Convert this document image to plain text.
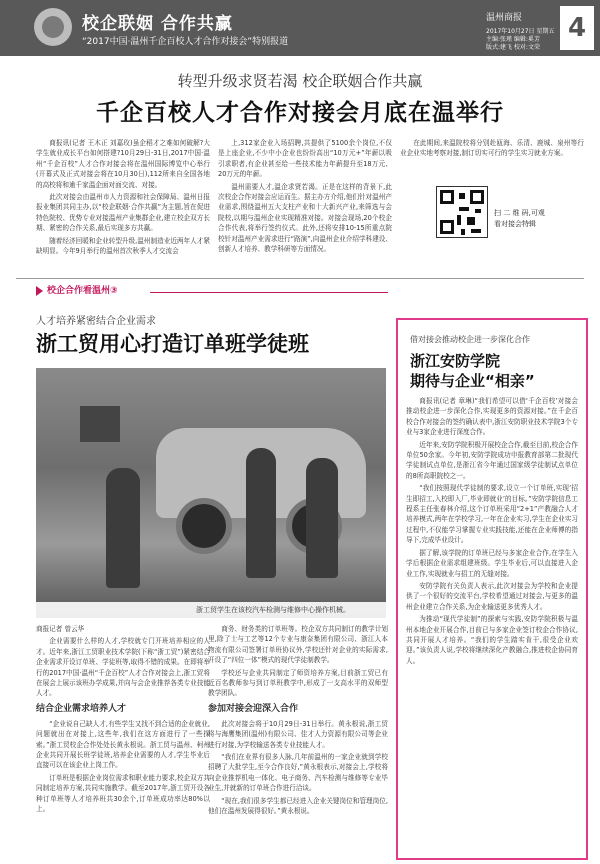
校企联姻 合作共赢
“2017中国·温州千企百校人才合作对接会”特别报道
温州商报
2017年10月27日 星期五
主编:张瑾 编辑:奚芳
版式:建飞 校对:文荣
4
转型升级求贤若渴 校企联姻合作共赢
千企百校人才合作对接会月底在温举行

商报讯(记者 王木正 刘嘉玫)虽企稻才之难如何破解?大学生就业成长平台如何搭建?10月29日-31日,2017中国·温州“千企百校”人才合作对接会将在温州国际博览中心举行(开幕式及正式对接会将在10月30日),112所来自全国各地的高校将和逾千家温企面对面交流、对接。

此次对接会由温州市人力资源和社会保障局、温州日报报业集团共同主办,以“校企联姻·合作共赢”为主题,旨在促进特色院校、优势专业对接温州产业集群企业,建立校企双方长期、紧密的合作关系,最后实现多方共赢。

随着经济回暖和企业转型升级,温州制造业近两年人才紧缺明显。今年9月举行的温州首次秋季人才交流会

上,312家企业入场招聘,共提供了5100余个岗位,不仅是上座企业,不少中小企业也纷纷高出“10万元+”年薪以吸引求职者,有企业甚至给一些技术能力年薪提升至18万元、20万元的年薪。

温州需要人才,温企求贤若渴。正是在这样的背景下,此次校企合作对接会应运而生。据主办方介绍,他们针对温州产业需求,围绕温州五大支柱产业和十大新兴产业,来筛选与会院校,以期与温州企业实现精准对接。对接会现场,20个校企合作代表,将举行签约仪式。此外,还将安排10-15所重点院校针对温州产业需求进行“路演”,向温州企业介绍学科建设、创新人才培养、教学科研等方面情况。

在此期间,来温院校将分别赴瓯海、乐清、鹿城、泉州等行业企业实地考察对接,制订切实可行的学生实习就业方案。

扫 二 维 码,可观看对接会特辑
校企合作看温州③
人才培养紧密结合企业需求
浙工贸用心打造订单班学徒班
浙工贸学生在该校汽车检测与维修中心操作机械。

商报记者 曾云华

企业需要什么样的人才,学校就专门开班培养相应的人才。近年来,浙江工贸职业技术学院(下称“浙工贸”)紧密结合企业需求开设订单班、学徒班等,取得不错的成果。在即将举行的2017中国·温州“千企百校”人才合作对接会上,浙工贸将在展会上展示该班办学成果,并向与会企业推荐各类专业技能人才。

结合企业需求培养人才

“企业说自己缺人才,有些学生又找不到合适的企业就业,问题就出在对接上,这些年,我们在这方面进行了一些探索。”浙工贸校企合作处处长黄永根说。浙工贸与温州、柯州企业共同开展长班学徒班,培养企业需要的人才,学生毕业后直接可以在该企业上岗工作。

订单班是根据企业岗位需求和职业能力要求,校企双方共同制定培养方案,共同实施教学。截至2017年,浙工贸开设各种订单班等人才培养班共30余个,订单班成功率达80%以上。

商务、财务类的订单班等。校企双方共同制订的教学计划里,除了士与工艺等12个专业与康奈集团有限公司、浙江人本物流有限公司签署订单班协议外,学校还针对企业的实际需求,开设了“四位一体”模式的现代学徒制教学。

学校还与企业共同制定了师资培养方案,目前浙工贸已有近百名教师参与到订单班教学中,形成了一支高水平的双师型教学团队。

参加对接会迎深入合作

此次对接会将于10月29日-31日举行。黄永根说,浙工贸将与海鹰集团(温州)有限公司、佳才人力资源有限公司等企业进行对接,为学校输送各类专业技能人才。

“我们在业界有很多人脉,几年前温州的一家企业就到学校招聘了大批学生,至今合作良好,”黄永根表示,对接会上,学校将向企业推荐机电一体化、电子商务、汽车检测与维修等专业毕业生,并就新的订单班合作进行洽谈。

“现在,我们很多学生都已经进入企业关键岗位和管理岗位,他们在温州发展得很好。”黄永根说。

借对接会推动校企进一步深化合作
浙江安防学院
期待与企业“相亲”

商报讯(记者 章琳)“我们希望可以借‘千企百校’对接会推动校企进一步深化合作,实现更多的资源对接。”在千企百校合作对接会的签约确认表中,浙江安防职业技术学院3个专业与3家企业进行深度合作。

近年来,安防学院积极开展校企合作,截至目前,校企合作单位50余家。今年初,安防学院成功申报教育部第二批现代学徒制试点单位,是浙江省今年通过国家级学徒制试点单位的8所高职院校之一。

“我们按照现代学徒制的要求,设立一个订单班,实现‘招生即招工,入校即入厂,毕业即就业’的目标。”安防学院信息工程系主任张春林介绍,这个订单班采用“2+1”产教融合人才培养模式,两年在学校学习,一年在企业实习,学生在企业实习过程中,不仅能学习掌握专业实践技能,还能在企业师傅的指导下,完成毕业设计。

据了解,该学院的订单班已经与多家企业合作,在学生入学后根据企业需求组建班级。学生毕业后,可以直接进入企业工作,实现就业与招工的无缝对接。

安防学院有关负责人表示,此次对接会为学校和企业提供了一个很好的交流平台,学校希望通过对接会,与更多的温州企业建立合作关系,为企业输送更多优秀人才。

为推动“现代学徒制”的探索与实践,安防学院积极与温州本地企业开展合作,目前已与多家企业签订校企合作协议,共同开展人才培养。“我们的学生踏实肯干,很受企业欢迎。”该负责人说,学校将继续深化产教融合,推进校企协同育人。
